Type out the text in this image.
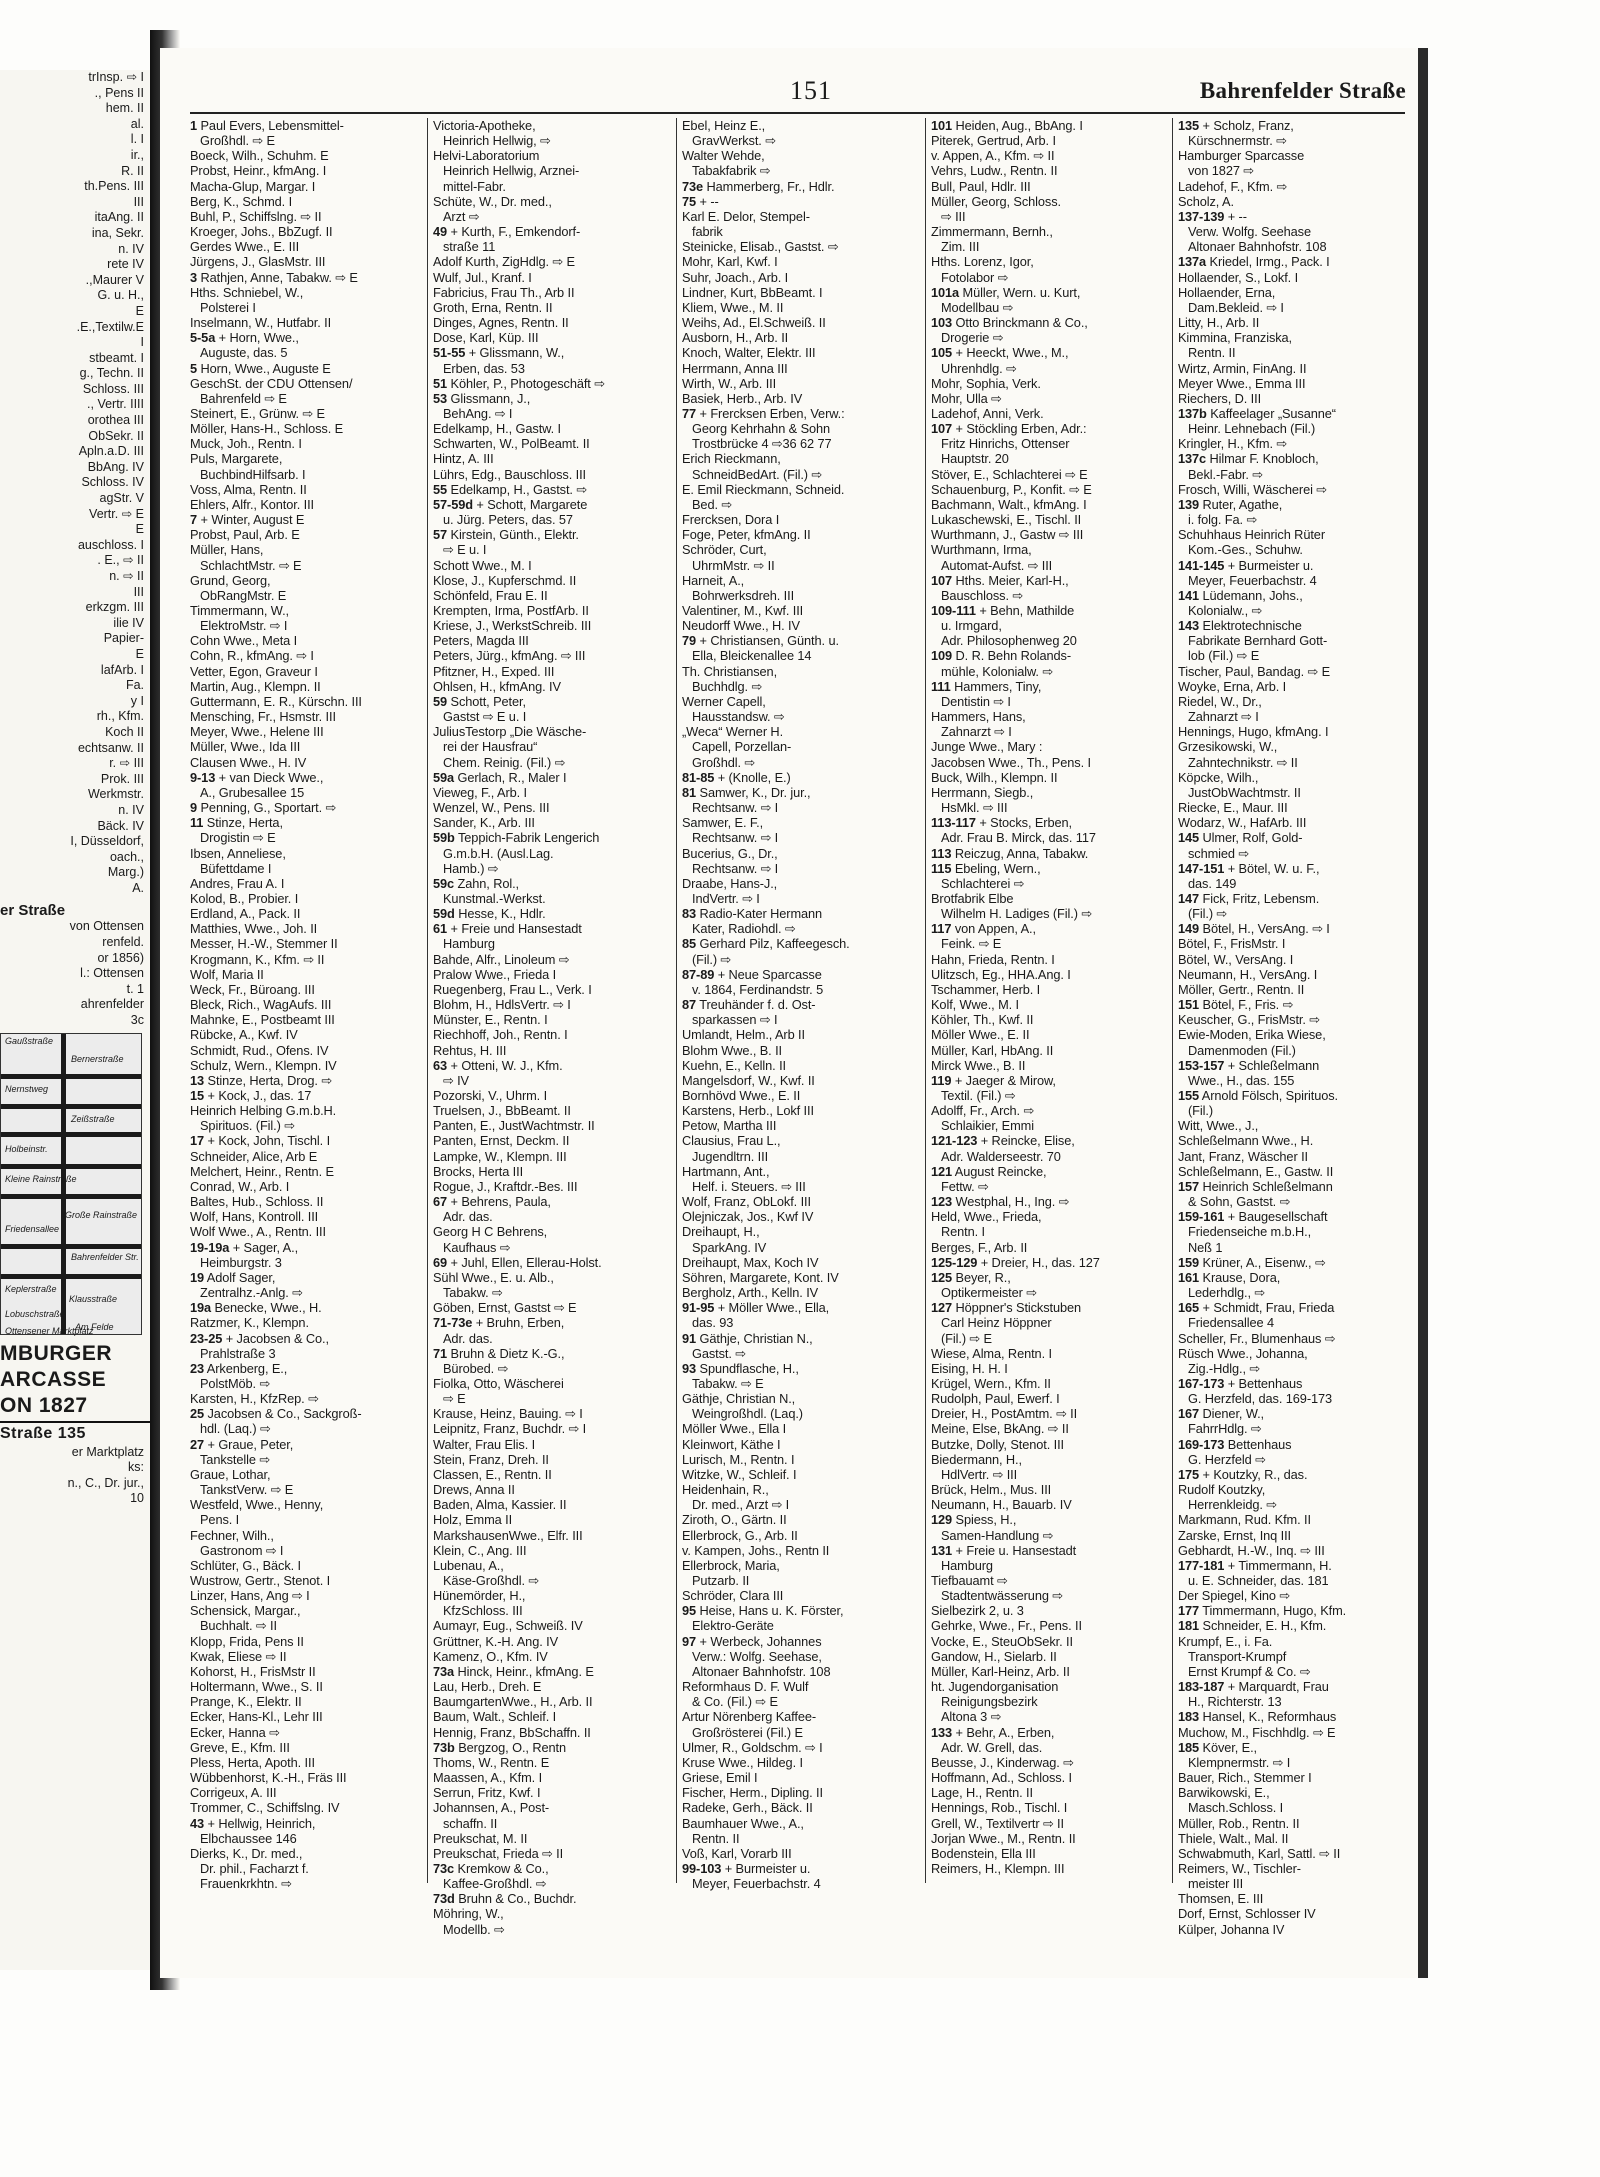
trInsp. ⇨ I
., Pens II
hem. II
al.
l. I
ir.,
R. II
th.Pens. III
III
itaAng. II
ina, Sekr.
n. IV
rete IV
.,Maurer V
G. u. H.,
E
.E.,Textilw.E
I
stbeamt. I
g., Techn. II
Schloss. III
., Vertr. IIII
orothea III
ObSekr. II
Apln.a.D. III
BbAng. IV
Schloss. IV
agStr. V
Vertr. ⇨ E
E
auschloss. I
. E., ⇨ II
n. ⇨ II
III
erkzgm. III
ilie IV
Papier-
E
lafArb. I
Fa.
y I
rh., Kfm.
Koch II
echtsanw. II
r. ⇨ III
Prok. III
Werkmstr.
n. IV
Bäck. IV
I, Düsseldorf,
oach.,
Marg.)
A.
er Straße
von Ottensen
renfeld.
or 1856)
l.: Ottensen
t. 1
ahrenfelder
3c
Gaußstraße
Bernerstraße
Nernstweg
Zeißstraße
Holbeinstr.
Kleine Rainstraße
Große Rainstraße
Friedensallee
Bahrenfelder Str.
Keplerstraße
Klausstraße
Lobuschstraße
Am Felde
Ottensener Marktplatz
MBURGER
ARCASSE
ON 1827
Straße 135
er Marktplatz
ks:
n., C., Dr. jur.,
10
151	Bahrenfelder Straße
1 Paul Evers, Lebensmittel-
Großhdl. ⇨ E
Boeck, Wilh., Schuhm. E
Probst, Heinr., kfmAng. I
Macha-Glup, Margar. I
Berg, K., Schmd. I
Buhl, P., Schiffslng. ⇨ II
Kroeger, Johs., BbZugf. II
Gerdes Wwe., E. III
Jürgens, J., GlasMstr. III
3 Rathjen, Anne, Tabakw. ⇨ E
Hths. Schniebel, W.,
Polsterei I
Inselmann, W., Hutfabr. II
5-5a + Horn, Wwe.,
Auguste, das. 5
5 Horn, Wwe., Auguste E
GeschSt. der CDU Ottensen/
Bahrenfeld ⇨ E
Steinert, E., Grünw. ⇨ E
Möller, Hans-H., Schloss. E
Muck, Joh., Rentn. I
Puls, Margarete,
BuchbindHilfsarb. I
Voss, Alma, Rentn. II
Ehlers, Alfr., Kontor. III
7 + Winter, August E
Probst, Paul, Arb. E
Müller, Hans,
SchlachtMstr. ⇨ E
Grund, Georg,
ObRangMstr. E
Timmermann, W.,
ElektroMstr. ⇨ I
Cohn Wwe., Meta I
Cohn, R., kfmAng. ⇨ I
Vetter, Egon, Graveur I
Martin, Aug., Klempn. II
Guttermann, E. R., Kürschn. III
Mensching, Fr., Hsmstr. III
Meyer, Wwe., Helene III
Müller, Wwe., Ida III
Clausen Wwe., H. IV
9-13 + van Dieck Wwe.,
A., Grubesallee 15
9 Penning, G., Sportart. ⇨
11 Stinze, Herta,
Drogistin ⇨ E
Ibsen, Anneliese,
Büfettdame I
Andres, Frau A. I
Kolod, B., Probier. I
Erdland, A., Pack. II
Matthies, Wwe., Joh. II
Messer, H.-W., Stemmer II
Krogmann, K., Kfm. ⇨ II
Wolf, Maria II
Weck, Fr., Büroang. III
Bleck, Rich., WagAufs. III
Mahnke, E., Postbeamt III
Rübcke, A., Kwf. IV
Schmidt, Rud., Ofens. IV
Schulz, Wern., Klempn. IV
13 Stinze, Herta, Drog. ⇨
15 + Kock, J., das. 17
Heinrich Helbing G.m.b.H.
Spirituos. (Fil.) ⇨
17 + Kock, John, Tischl. I
Schneider, Alice, Arb E
Melchert, Heinr., Rentn. E
Conrad, W., Arb. I
Baltes, Hub., Schloss. II
Wolf, Hans, Kontroll. III
Wolf Wwe., A., Rentn. III
19-19a + Sager, A.,
Heimburgstr. 3
19 Adolf Sager,
Zentralhz.-Anlg. ⇨
19a Benecke, Wwe., H.
Ratzmer, K., Klempn.
23-25 + Jacobsen & Co.,
Prahlstraße 3
23 Arkenberg, E.,
PolstMöb. ⇨
Karsten, H., KfzRep. ⇨
25 Jacobsen & Co., Sackgroß-
hdl. (Laq.) ⇨
27 + Graue, Peter,
Tankstelle ⇨
Graue, Lothar,
TankstVerw. ⇨ E
Westfeld, Wwe., Henny,
Pens. I
Fechner, Wilh.,
Gastronom ⇨ I
Schlüter, G., Bäck. I
Wustrow, Gertr., Stenot. I
Linzer, Hans, Ang ⇨ I
Schensick, Margar.,
Buchhalt. ⇨ II
Klopp, Frida, Pens II
Kwak, Eliese ⇨ II
Kohorst, H., FrisMstr II
Holtermann, Wwe., S. II
Prange, K., Elektr. II
Ecker, Hans-Kl., Lehr III
Ecker, Hanna ⇨
Greve, E., Kfm. III
Pless, Herta, Apoth. III
Wübbenhorst, K.-H., Fräs III
Corrigeux, A. III
Trommer, C., Schiffslng. IV
43 + Hellwig, Heinrich,
Elbchaussee 146
Dierks, K., Dr. med.,
Dr. phil., Facharzt f.
Frauenkrkhtn. ⇨
Victoria-Apotheke,
Heinrich Hellwig, ⇨
Helvi-Laboratorium
Heinrich Hellwig, Arznei-
mittel-Fabr.
Schüte, W., Dr. med.,
Arzt ⇨
49 + Kurth, F., Emkendorf-
straße 11
Adolf Kurth, ZigHdlg. ⇨ E
Wulf, Jul., Kranf. I
Fabricius, Frau Th., Arb II
Groth, Erna, Rentn. II
Dinges, Agnes, Rentn. II
Dose, Karl, Küp. III
51-55 + Glissmann, W.,
Erben, das. 53
51 Köhler, P., Photogeschäft ⇨
53 Glissmann, J.,
BehAng. ⇨ I
Edelkamp, H., Gastw. I
Schwarten, W., PolBeamt. II
Hintz, A. III
Lührs, Edg., Bauschloss. III
55 Edelkamp, H., Gastst. ⇨
57-59d + Schott, Margarete
u. Jürg. Peters, das. 57
57 Kirstein, Günth., Elektr.
⇨ E u. I
Schott Wwe., M. I
Klose, J., Kupferschmd. II
Schönfeld, Frau E. II
Krempten, Irma, PostfArb. II
Kriese, J., WerkstSchreib. III
Peters, Magda III
Peters, Jürg., kfmAng. ⇨ III
Pfitzner, H., Exped. III
Ohlsen, H., kfmAng. IV
59 Schott, Peter,
Gastst ⇨ E u. I
JuliusTestorp „Die Wäsche-
rei der Hausfrau“
Chem. Reinig. (Fil.) ⇨
59a Gerlach, R., Maler I
Vieweg, F., Arb. I
Wenzel, W., Pens. III
Sander, K., Arb. III
59b Teppich-Fabrik Lengerich
G.m.b.H. (Ausl.Lag.
Hamb.) ⇨
59c Zahn, Rol.,
Kunstmal.-Werkst.
59d Hesse, K., Hdlr.
61 + Freie und Hansestadt
Hamburg
Bahde, Alfr., Linoleum ⇨
Pralow Wwe., Frieda I
Ruegenberg, Frau L., Verk. I
Blohm, H., HdlsVertr. ⇨ I
Münster, E., Rentn. I
Riechhoff, Joh., Rentn. I
Rehtus, H. III
63 + Otteni, W. J., Kfm.
⇨ IV
Pozorski, V., Uhrm. I
Truelsen, J., BbBeamt. II
Panten, E., JustWachtmstr. II
Panten, Ernst, Deckm. II
Lampke, W., Klempn. III
Brocks, Herta III
Rogue, J., Kraftdr.-Bes. III
67 + Behrens, Paula,
Adr. das.
Georg H C Behrens,
Kaufhaus ⇨
69 + Juhl, Ellen, Ellerau-Holst.
Sühl Wwe., E. u. Alb.,
Tabakw. ⇨
Göben, Ernst, Gastst ⇨ E
71-73e + Bruhn, Erben,
Adr. das.
71 Bruhn & Dietz K.-G.,
Bürobed. ⇨
Fiolka, Otto, Wäscherei
⇨ E
Krause, Heinz, Bauing. ⇨ I
Leipnitz, Franz, Buchdr. ⇨ I
Walter, Frau Elis. I
Stein, Franz, Dreh. II
Classen, E., Rentn. II
Drews, Anna II
Baden, Alma, Kassier. II
Holz, Emma II
MarkshausenWwe., Elfr. III
Klein, C., Ang. III
Lubenau, A.,
Käse-Großhdl. ⇨
Hünemörder, H.,
KfzSchloss. III
Aumayr, Eug., Schweiß. IV
Grüttner, K.-H. Ang. IV
Kamenz, O., Kfm. IV
73a Hinck, Heinr., kfmAng. E
Lau, Herb., Dreh. E
BaumgartenWwe., H., Arb. II
Baum, Walt., Schleif. I
Hennig, Franz, BbSchaffn. II
73b Bergzog, O., Rentn
Thoms, W., Rentn. E
Maassen, A., Kfm. I
Serrun, Fritz, Kwf. I
Johannsen, A., Post-
schaffn. II
Preukschat, M. II
Preukschat, Frieda ⇨ II
73c Kremkow & Co.,
Kaffee-Großhdl. ⇨
73d Bruhn & Co., Buchdr.
Möhring, W.,
Modellb. ⇨
Ebel, Heinz E.,
GravWerkst. ⇨
Walter Wehde,
Tabakfabrik ⇨
73e Hammerberg, Fr., Hdlr.
75 + --
Karl E. Delor, Stempel-
fabrik
Steinicke, Elisab., Gastst. ⇨
Mohr, Karl, Kwf. I
Suhr, Joach., Arb. I
Lindner, Kurt, BbBeamt. I
Kliem, Wwe., M. II
Weihs, Ad., El.Schweiß. II
Ausborn, H., Arb. II
Knoch, Walter, Elektr. III
Herrmann, Anna III
Wirth, W., Arb. III
Basiek, Herb., Arb. IV
77 + Frercksen Erben, Verw.:
Georg Kehrhahn & Sohn
Trostbrücke 4 ⇨36 62 77
Erich Rieckmann,
SchneidBedArt. (Fil.) ⇨
E. Emil Rieckmann, Schneid.
Bed. ⇨
Frercksen, Dora I
Foge, Peter, kfmAng. II
Schröder, Curt,
UhrmMstr. ⇨ II
Harneit, A.,
Bohrwerksdreh. III
Valentiner, M., Kwf. III
Neudorff Wwe., H. IV
79 + Christiansen, Günth. u.
Ella, Bleickenallee 14
Th. Christiansen,
Buchhdlg. ⇨
Werner Capell,
Hausstandsw. ⇨
„Weca“ Werner H.
Capell, Porzellan-
Großhdl. ⇨
81-85 + (Knolle, E.)
81 Samwer, K., Dr. jur.,
Rechtsanw. ⇨ I
Samwer, E. F.,
Rechtsanw. ⇨ I
Bucerius, G., Dr.,
Rechtsanw. ⇨ I
Draabe, Hans-J.,
IndVertr. ⇨ I
83 Radio-Kater Hermann
Kater, Radiohdl. ⇨
85 Gerhard Pilz, Kaffeegesch.
(Fil.) ⇨
87-89 + Neue Sparcasse
v. 1864, Ferdinandstr. 5
87 Treuhänder f. d. Ost-
sparkassen ⇨ I
Umlandt, Helm., Arb II
Blohm Wwe., B. II
Kuehn, E., Kelln. II
Mangelsdorf, W., Kwf. II
Bornhövd Wwe., E. II
Karstens, Herb., Lokf III
Petow, Martha III
Clausius, Frau L.,
Jugendltrn. III
Hartmann, Ant.,
Helf. i. Steuers. ⇨ III
Wolf, Franz, ObLokf. III
Olejniczak, Jos., Kwf IV
Dreihaupt, H.,
SparkAng. IV
Dreihaupt, Max, Koch IV
Söhren, Margarete, Kont. IV
Bergholz, Arth., Kelln. IV
91-95 + Möller Wwe., Ella,
das. 93
91 Gäthje, Christian N.,
Gastst. ⇨
93 Spundflasche, H.,
Tabakw. ⇨ E
Gäthje, Christian N.,
Weingroßhdl. (Laq.)
Möller Wwe., Ella I
Kleinwort, Käthe I
Lurisch, M., Rentn. I
Witzke, W., Schleif. I
Heidenhain, R.,
Dr. med., Arzt ⇨ I
Ziroth, O., Gärtn. II
Ellerbrock, G., Arb. II
v. Kampen, Johs., Rentn II
Ellerbrock, Maria,
Putzarb. II
Schröder, Clara III
95 Heise, Hans u. K. Förster,
Elektro-Geräte
97 + Werbeck, Johannes
Verw.: Wolfg. Seehase,
Altonaer Bahnhofstr. 108
Reformhaus D. F. Wulf
& Co. (Fil.) ⇨ E
Artur Nörenberg Kaffee-
Großrösterei (Fil.) E
Ulmer, R., Goldschm. ⇨ I
Kruse Wwe., Hildeg. I
Griese, Emil I
Fischer, Herm., Dipling. II
Radeke, Gerh., Bäck. II
Baumhauer Wwe., A.,
Rentn. II
Voß, Karl, Vorarb III
99-103 + Burmeister u.
Meyer, Feuerbachstr. 4
101 Heiden, Aug., BbAng. I
Piterek, Gertrud, Arb. I
v. Appen, A., Kfm. ⇨ II
Vehrs, Ludw., Rentn. II
Bull, Paul, Hdlr. III
Müller, Georg, Schloss.
⇨ III
Zimmermann, Bernh.,
Zim. III
Hths. Lorenz, Igor,
Fotolabor ⇨
101a Müller, Wern. u. Kurt,
Modellbau ⇨
103 Otto Brinckmann & Co.,
Drogerie ⇨
105 + Heeckt, Wwe., M.,
Uhrenhdlg. ⇨
Mohr, Sophia, Verk.
Mohr, Ulla ⇨
Ladehof, Anni, Verk.
107 + Stöckling Erben, Adr.:
Fritz Hinrichs, Ottenser
Hauptstr. 20
Stöver, E., Schlachterei ⇨ E
Schauenburg, P., Konfit. ⇨ E
Bachmann, Walt., kfmAng. I
Lukaschewski, E., Tischl. II
Wurthmann, J., Gastw ⇨ III
Wurthmann, Irma,
Automat-Aufst. ⇨ III
107 Hths. Meier, Karl-H.,
Bauschloss. ⇨
109-111 + Behn, Mathilde
u. Irmgard,
Adr. Philosophenweg 20
109 D. R. Behn Rolands-
mühle, Kolonialw. ⇨
111 Hammers, Tiny,
Dentistin ⇨ I
Hammers, Hans,
Zahnarzt ⇨ I
Junge Wwe., Mary :
Jacobsen Wwe., Th., Pens. I
Buck, Wilh., Klempn. II
Herrmann, Siegb.,
HsMkl. ⇨ III
113-117 + Stocks, Erben,
Adr. Frau B. Mirck, das. 117
113 Reiczug, Anna, Tabakw.
115 Ebeling, Wern.,
Schlachterei ⇨
Brotfabrik Elbe
Wilhelm H. Ladiges (Fil.) ⇨
117 von Appen, A.,
Feink. ⇨ E
Hahn, Frieda, Rentn. I
Ulitzsch, Eg., HHA.Ang. I
Tschammer, Herb. I
Kolf, Wwe., M. I
Köhler, Th., Kwf. II
Möller Wwe., E. II
Müller, Karl, HbAng. II
Mirck Wwe., B. II
119 + Jaeger & Mirow,
Textil. (Fil.) ⇨
Adolff, Fr., Arch. ⇨
Schlaikier, Emmi
121-123 + Reincke, Elise,
Adr. Walderseestr. 70
121 August Reincke,
Fettw. ⇨
123 Westphal, H., Ing. ⇨
Held, Wwe., Frieda,
Rentn. I
Berges, F., Arb. II
125-129 + Dreier, H., das. 127
125 Beyer, R.,
Optikermeister ⇨
127 Höppner's Stickstuben
Carl Heinz Höppner
(Fil.) ⇨ E
Wiese, Alma, Rentn. I
Eising, H. H. I
Krügel, Wern., Kfm. II
Rudolph, Paul, Ewerf. I
Dreier, H., PostAmtm. ⇨ II
Meine, Else, BkAng. ⇨ II
Butzke, Dolly, Stenot. III
Biedermann, H.,
HdlVertr. ⇨ III
Brück, Helm., Mus. III
Neumann, H., Bauarb. IV
129 Spiess, H.,
Samen-Handlung ⇨
131 + Freie u. Hansestadt
Hamburg
Tiefbauamt ⇨
Stadtentwässerung ⇨
Sielbezirk 2, u. 3
Gehrke, Wwe., Fr., Pens. II
Vocke, E., SteuObSekr. II
Gandow, H., Sielarb. II
Müller, Karl-Heinz, Arb. II
ht. Jugendorganisation
Reinigungsbezirk
Altona 3 ⇨
133 + Behr, A., Erben,
Adr. W. Grell, das.
Beusse, J., Kinderwag. ⇨
Hoffmann, Ad., Schloss. I
Lage, H., Rentn. II
Hennings, Rob., Tischl. I
Grell, W., Textilvertr ⇨ II
Jorjan Wwe., M., Rentn. II
Bodenstein, Ella III
Reimers, H., Klempn. III
135 + Scholz, Franz,
Kürschnermstr. ⇨
Hamburger Sparcasse
von 1827 ⇨
Ladehof, F., Kfm. ⇨
Scholz, A.
137-139 + --
Verw. Wolfg. Seehase
Altonaer Bahnhofstr. 108
137a Kriedel, Irmg., Pack. I
Hollaender, S., Lokf. I
Hollaender, Erna,
Dam.Bekleid. ⇨ I
Litty, H., Arb. II
Kimmina, Franziska,
Rentn. II
Wirtz, Armin, FinAng. II
Meyer Wwe., Emma III
Riechers, D. III
137b Kaffeelager „Susanne“
Heinr. Lehnebach (Fil.)
Kringler, H., Kfm. ⇨
137c Hilmar F. Knobloch,
Bekl.-Fabr. ⇨
Frosch, Willi, Wäscherei ⇨
139 Ruter, Agathe,
i. folg. Fa. ⇨
Schuhhaus Heinrich Rüter
Kom.-Ges., Schuhw.
141-145 + Burmeister u.
Meyer, Feuerbachstr. 4
141 Lüdemann, Johs.,
Kolonialw., ⇨
143 Elektrotechnische
Fabrikate Bernhard Gott-
lob (Fil.) ⇨ E
Tischer, Paul, Bandag. ⇨ E
Woyke, Erna, Arb. I
Riedel, W., Dr.,
Zahnarzt ⇨ I
Hennings, Hugo, kfmAng. I
Grzesikowski, W.,
Zahntechnikstr. ⇨ II
Köpcke, Wilh.,
JustObWachtmstr. II
Riecke, E., Maur. III
Wodarz, W., HafArb. III
145 Ulmer, Rolf, Gold-
schmied ⇨
147-151 + Bötel, W. u. F.,
das. 149
147 Fick, Fritz, Lebensm.
(Fil.) ⇨
149 Bötel, H., VersAng. ⇨ I
Bötel, F., FrisMstr. I
Bötel, W., VersAng. I
Neumann, H., VersAng. I
Möller, Gertr., Rentn. II
151 Bötel, F., Fris. ⇨
Keuscher, G., FrisMstr. ⇨
Ewie-Moden, Erika Wiese,
Damenmoden (Fil.)
153-157 + Schleßelmann
Wwe., H., das. 155
155 Arnold Fölsch, Spirituos.
(Fil.)
Witt, Wwe., J.,
Schleßelmann Wwe., H.
Jant, Franz, Wäscher II
Schleßelmann, E., Gastw. II
157 Heinrich Schleßelmann
& Sohn, Gastst. ⇨
159-161 + Baugesellschaft
Friedenseiche m.b.H.,
Neß 1
159 Krüner, A., Eisenw., ⇨
161 Krause, Dora,
Lederhdlg., ⇨
165 + Schmidt, Frau, Frieda
Friedensallee 4
Scheller, Fr., Blumenhaus ⇨
Rüsch Wwe., Johanna,
Zig.-Hdlg., ⇨
167-173 + Bettenhaus
G. Herzfeld, das. 169-173
167 Diener, W.,
FahrrHdlg. ⇨
169-173 Bettenhaus
G. Herzfeld ⇨
175 + Koutzky, R., das.
Rudolf Koutzky,
Herrenkleidg. ⇨
Markmann, Rud. Kfm. II
Zarske, Ernst, Inq III
Gebhardt, H.-W., Inq. ⇨ III
177-181 + Timmermann, H.
u. E. Schneider, das. 181
Der Spiegel, Kino ⇨
177 Timmermann, Hugo, Kfm.
181 Schneider, E. H., Kfm.
Krumpf, E., i. Fa.
Transport-Krumpf
Ernst Krumpf & Co. ⇨
183-187 + Marquardt, Frau
H., Richterstr. 13
183 Hansel, K., Reformhaus
Muchow, M., Fischhdlg. ⇨ E
185 Köver, E.,
Klempnermstr. ⇨ I
Bauer, Rich., Stemmer I
Barwikowski, E.,
Masch.Schloss. I
Müller, Rob., Rentn. II
Thiele, Walt., Mal. II
Schwabmuth, Karl, Sattl. ⇨ II
Reimers, W., Tischler-
meister III
Thomsen, E. III
Dorf, Ernst, Schlosser IV
Külper, Johanna IV
